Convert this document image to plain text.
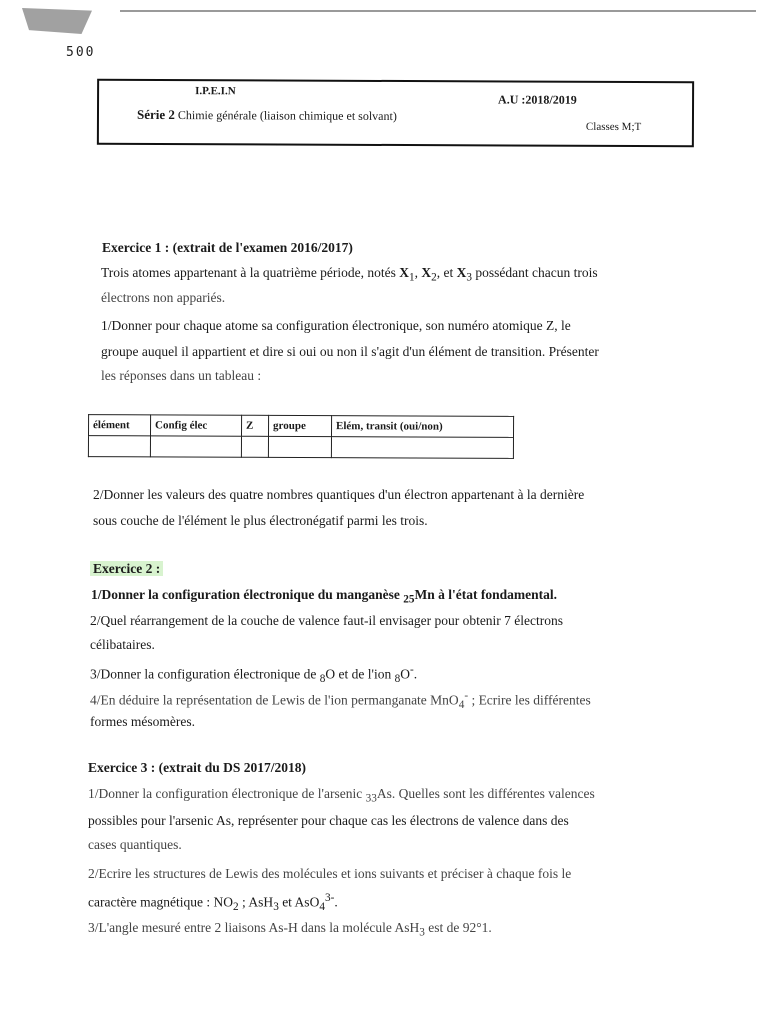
500
I.P.E.I.N
A.U :2018/2019
Série 2 Chimie générale (liaison chimique et solvant)
Classes M;T
Exercice 1 : (extrait de l'examen 2016/2017)
Trois atomes appartenant à la quatrième période, notés $X_1$, $X_2$, et $X_3$ possédant chacun trois
électrons non appariés.
1/Donner pour chaque atome sa configuration électronique, son numéro atomique Z, le
groupe auquel il appartient et dire si oui ou non il s'agit d'un élément de transition. Présenter
les réponses dans un tableau :
élément	Config élec	Z	groupe	Elém, transit (oui/non)

2/Donner les valeurs des quatre nombres quantiques d'un électron appartenant à la dernière
sous couche de l'élément le plus électronégatif parmi les trois.
Exercice 2 :
1/Donner la configuration électronique du manganèse $_{25}$Mn à l'état fondamental.
2/Quel réarrangement de la couche de valence faut-il envisager pour obtenir 7 électrons
célibataires.
3/Donner la configuration électronique de $_8$O et de l'ion $_8$O-.
4/En déduire la représentation de Lewis de l'ion permanganate MnO$_4$- ; Ecrire les différentes
formes mésomères.
Exercice 3 : (extrait du DS 2017/2018)
1/Donner la configuration électronique de l'arsenic $_{33}$As. Quelles sont les différentes valences
possibles pour l'arsenic As, représenter pour chaque cas les électrons de valence dans des
cases quantiques.
2/Ecrire les structures de Lewis des molécules et ions suivants et préciser à chaque fois le
caractère magnétique : $NO_2$ ; AsH$_3$ et AsO$_4^{3-}$.
3/L'angle mesuré entre 2 liaisons As-H dans la molécule AsH$_3$ est de 92°1.
